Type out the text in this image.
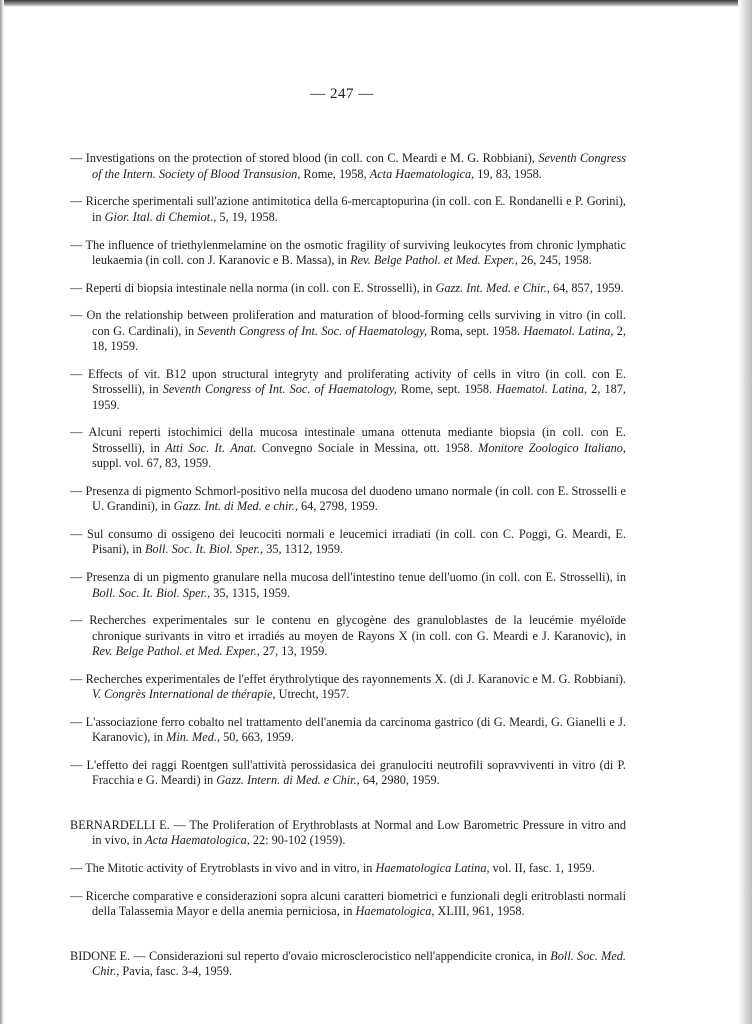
— 247 —

— Investigations on the protection of stored blood (in coll. con C. Meardi e M. G. Robbiani), Seventh Congress of the Intern. Society of Blood Transusion, Rome, 1958, Acta Haematologica, 19, 83, 1958.

— Ricerche sperimentali sull'azione antimitotica della 6-mercaptopurina (in coll. con E. Rondanelli e P. Gorini), in Gior. Ital. di Chemiot., 5, 19, 1958.

— The influence of triethylenmelamine on the osmotic fragility of surviving leukocytes from chronic lymphatic leukaemia (in coll. con J. Karanovic e B. Massa), in Rev. Belge Pathol. et Med. Exper., 26, 245, 1958.

— Reperti di biopsia intestinale nella norma (in coll. con E. Strosselli), in Gazz. Int. Med. e Chir., 64, 857, 1959.

— On the relationship between proliferation and maturation of blood-forming cells surviving in vitro (in coll. con G. Cardinali), in Seventh Congress of Int. Soc. of Haematology, Roma, sept. 1958. Haematol. Latina, 2, 18, 1959.

— Effects of vit. B12 upon structural integryty and proliferating activity of cells in vitro (in coll. con E. Strosselli), in Seventh Congress of Int. Soc. of Haematology, Rome, sept. 1958. Haematol. Latina, 2, 187, 1959.

— Alcuni reperti istochimici della mucosa intestinale umana ottenuta mediante biopsia (in coll. con E. Strosselli), in Atti Soc. It. Anat. Convegno Sociale in Messina, ott. 1958. Monitore Zoologico Italiano, suppl. vol. 67, 83, 1959.

— Presenza di pigmento Schmorl-positivo nella mucosa del duodeno umano normale (in coll. con E. Strosselli e U. Grandini), in Gazz. Int. di Med. e chir., 64, 2798, 1959.

— Sul consumo di ossigeno dei leucociti normali e leucemici irradiati (in coll. con C. Poggi, G. Meardi, E. Pisani), in Boll. Soc. It. Biol. Sper., 35, 1312, 1959.

— Presenza di un pigmento granulare nella mucosa dell'intestino tenue dell'uomo (in coll. con E. Strosselli), in Boll. Soc. It. Biol. Sper., 35, 1315, 1959.

— Recherches experimentales sur le contenu en glycogène des granuloblastes de la leucémie myéloïde chronique surivants in vitro et irradiés au moyen de Rayons X (in coll. con G. Meardi e J. Karanovic), in Rev. Belge Pathol. et Med. Exper., 27, 13, 1959.

— Recherches experimentales de l'effet érythrolytique des rayonnements X. (di J. Karanovic e M. G. Robbiani). V. Congrès International de thérapie, Utrecht, 1957.

— L'associazione ferro cobalto nel trattamento dell'anemia da carcinoma gastrico (di G. Meardi, G. Gianelli e J. Karanovic), in Min. Med., 50, 663, 1959.

— L'effetto dei raggi Roentgen sull'attività perossidasica dei granulociti neutrofili sopravviventi in vitro (di P. Fracchia e G. Meardi) in Gazz. Intern. di Med. e Chir., 64, 2980, 1959.

BERNARDELLI E. — The Proliferation of Erythroblasts at Normal and Low Barometric Pressure in vitro and in vivo, in Acta Haematologica, 22: 90-102 (1959).

— The Mitotic activity of Erytroblasts in vivo and in vitro, in Haematologica Latina, vol. II, fasc. 1, 1959.

— Ricerche comparative e considerazioni sopra alcuni caratteri biometrici e funzionali degli eritroblasti normali della Talassemia Mayor e della anemia perniciosa, in Haematologica, XLIII, 961, 1958.

BIDONE E. — Considerazioni sul reperto d'ovaio microsclerocistico nell'appendicite cronica, in Boll. Soc. Med. Chir., Pavia, fasc. 3-4, 1959.
